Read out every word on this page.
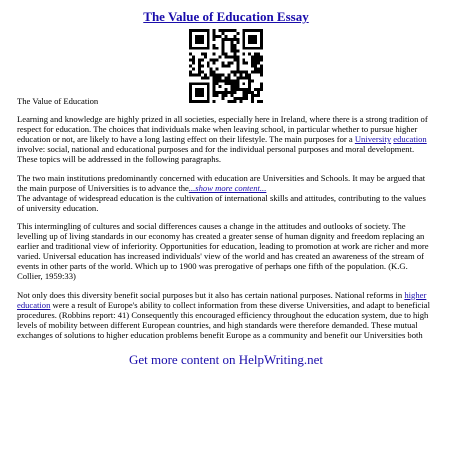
The Value of Education Essay

The Value of Education

Learning and knowledge are highly prized in all societies, especially here in Ireland, where there is a strong tradition of respect for education. The choices that individuals make when leaving school, in particular whether to pursue higher education or not, are likely to have a long lasting effect on their lifestyle. The main purposes for a University education involve: social, national and educational purposes and for the individual personal purposes and moral development. These topics will be addressed in the following paragraphs.

The two main institutions predominantly concerned with education are Universities and Schools. It may be argued that the main purpose of Universities is to advance the...show more content...
The advantage of widespread education is the cultivation of international skills and attitudes, contributing to the values of university education.

This intermingling of cultures and social differences causes a change in the attitudes and outlooks of society. The levelling up of living standards in our economy has created a greater sense of human dignity and freedom replacing an earlier and traditional view of inferiority. Opportunities for education, leading to promotion at work are richer and more varied. Universal education has increased individuals' view of the world and has created an awareness of the stream of events in other parts of the world. Which up to 1900 was prerogative of perhaps one fifth of the population. (K.G. Collier, 1959:33)

Not only does this diversity benefit social purposes but it also has certain national purposes. National reforms in higher education were a result of Europe's ability to collect information from these diverse Universities, and adapt to beneficial procedures. (Robbins report: 41) Consequently this encouraged efficiency throughout the education system, due to high levels of mobility between different European countries, and high standards were therefore demanded. These mutual exchanges of solutions to higher education problems benefit Europe as a community and benefit our Universities both

Get more content on HelpWriting.net
